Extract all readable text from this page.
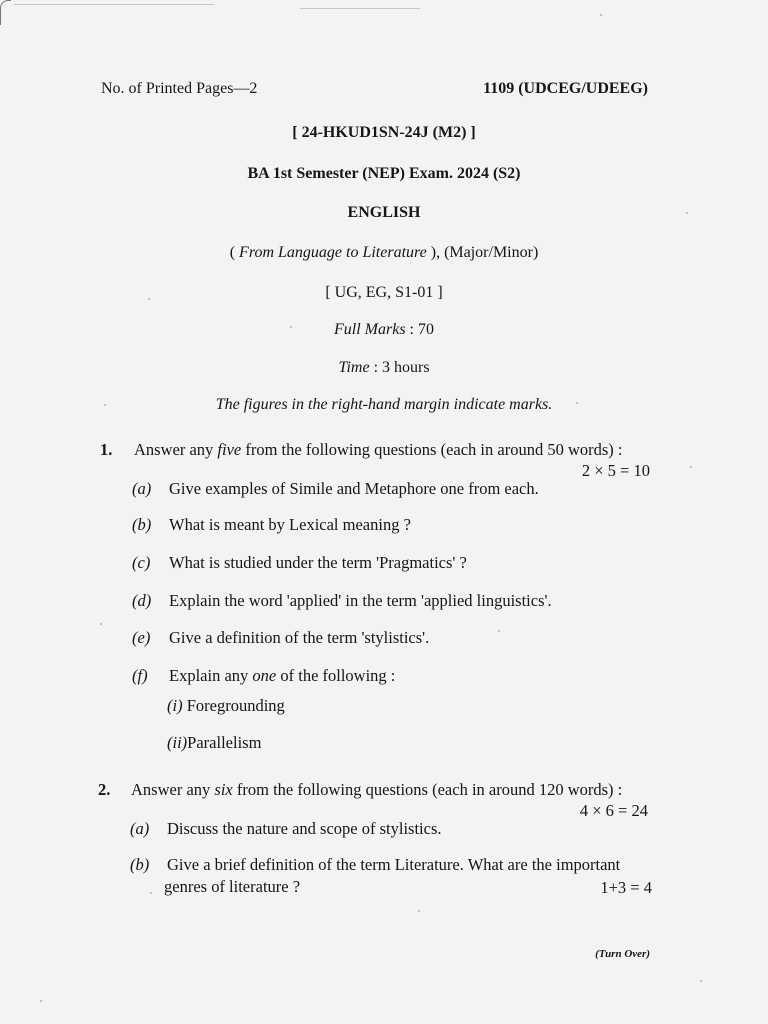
No. of Printed Pages—2	1109 (UDCEG/UDEEG)
[ 24-HKUD1SN-24J (M2) ]
BA 1st Semester (NEP) Exam. 2024 (S2)
ENGLISH
( From Language to Literature ), (Major/Minor)
[ UG, EG, S1-01 ]
Full Marks : 70
Time : 3 hours
The figures in the right-hand margin indicate marks.
1. Answer any five from the following questions (each in around 50 words) :
2 × 5 = 10
(a) Give examples of Simile and Metaphore one from each.
(b) What is meant by Lexical meaning ?
(c) What is studied under the term 'Pragmatics' ?
(d) Explain the word 'applied' in the term 'applied linguistics'.
(e) Give a definition of the term 'stylistics'.
(f) Explain any one of the following :
(i) Foregrounding
(ii)Parallelism
2. Answer any six from the following questions (each in around 120 words) :
4 × 6 = 24
(a) Discuss the nature and scope of stylistics.
(b) Give a brief definition of the term Literature. What are the important
genres of literature ?	1+3 = 4
(Turn Over)
